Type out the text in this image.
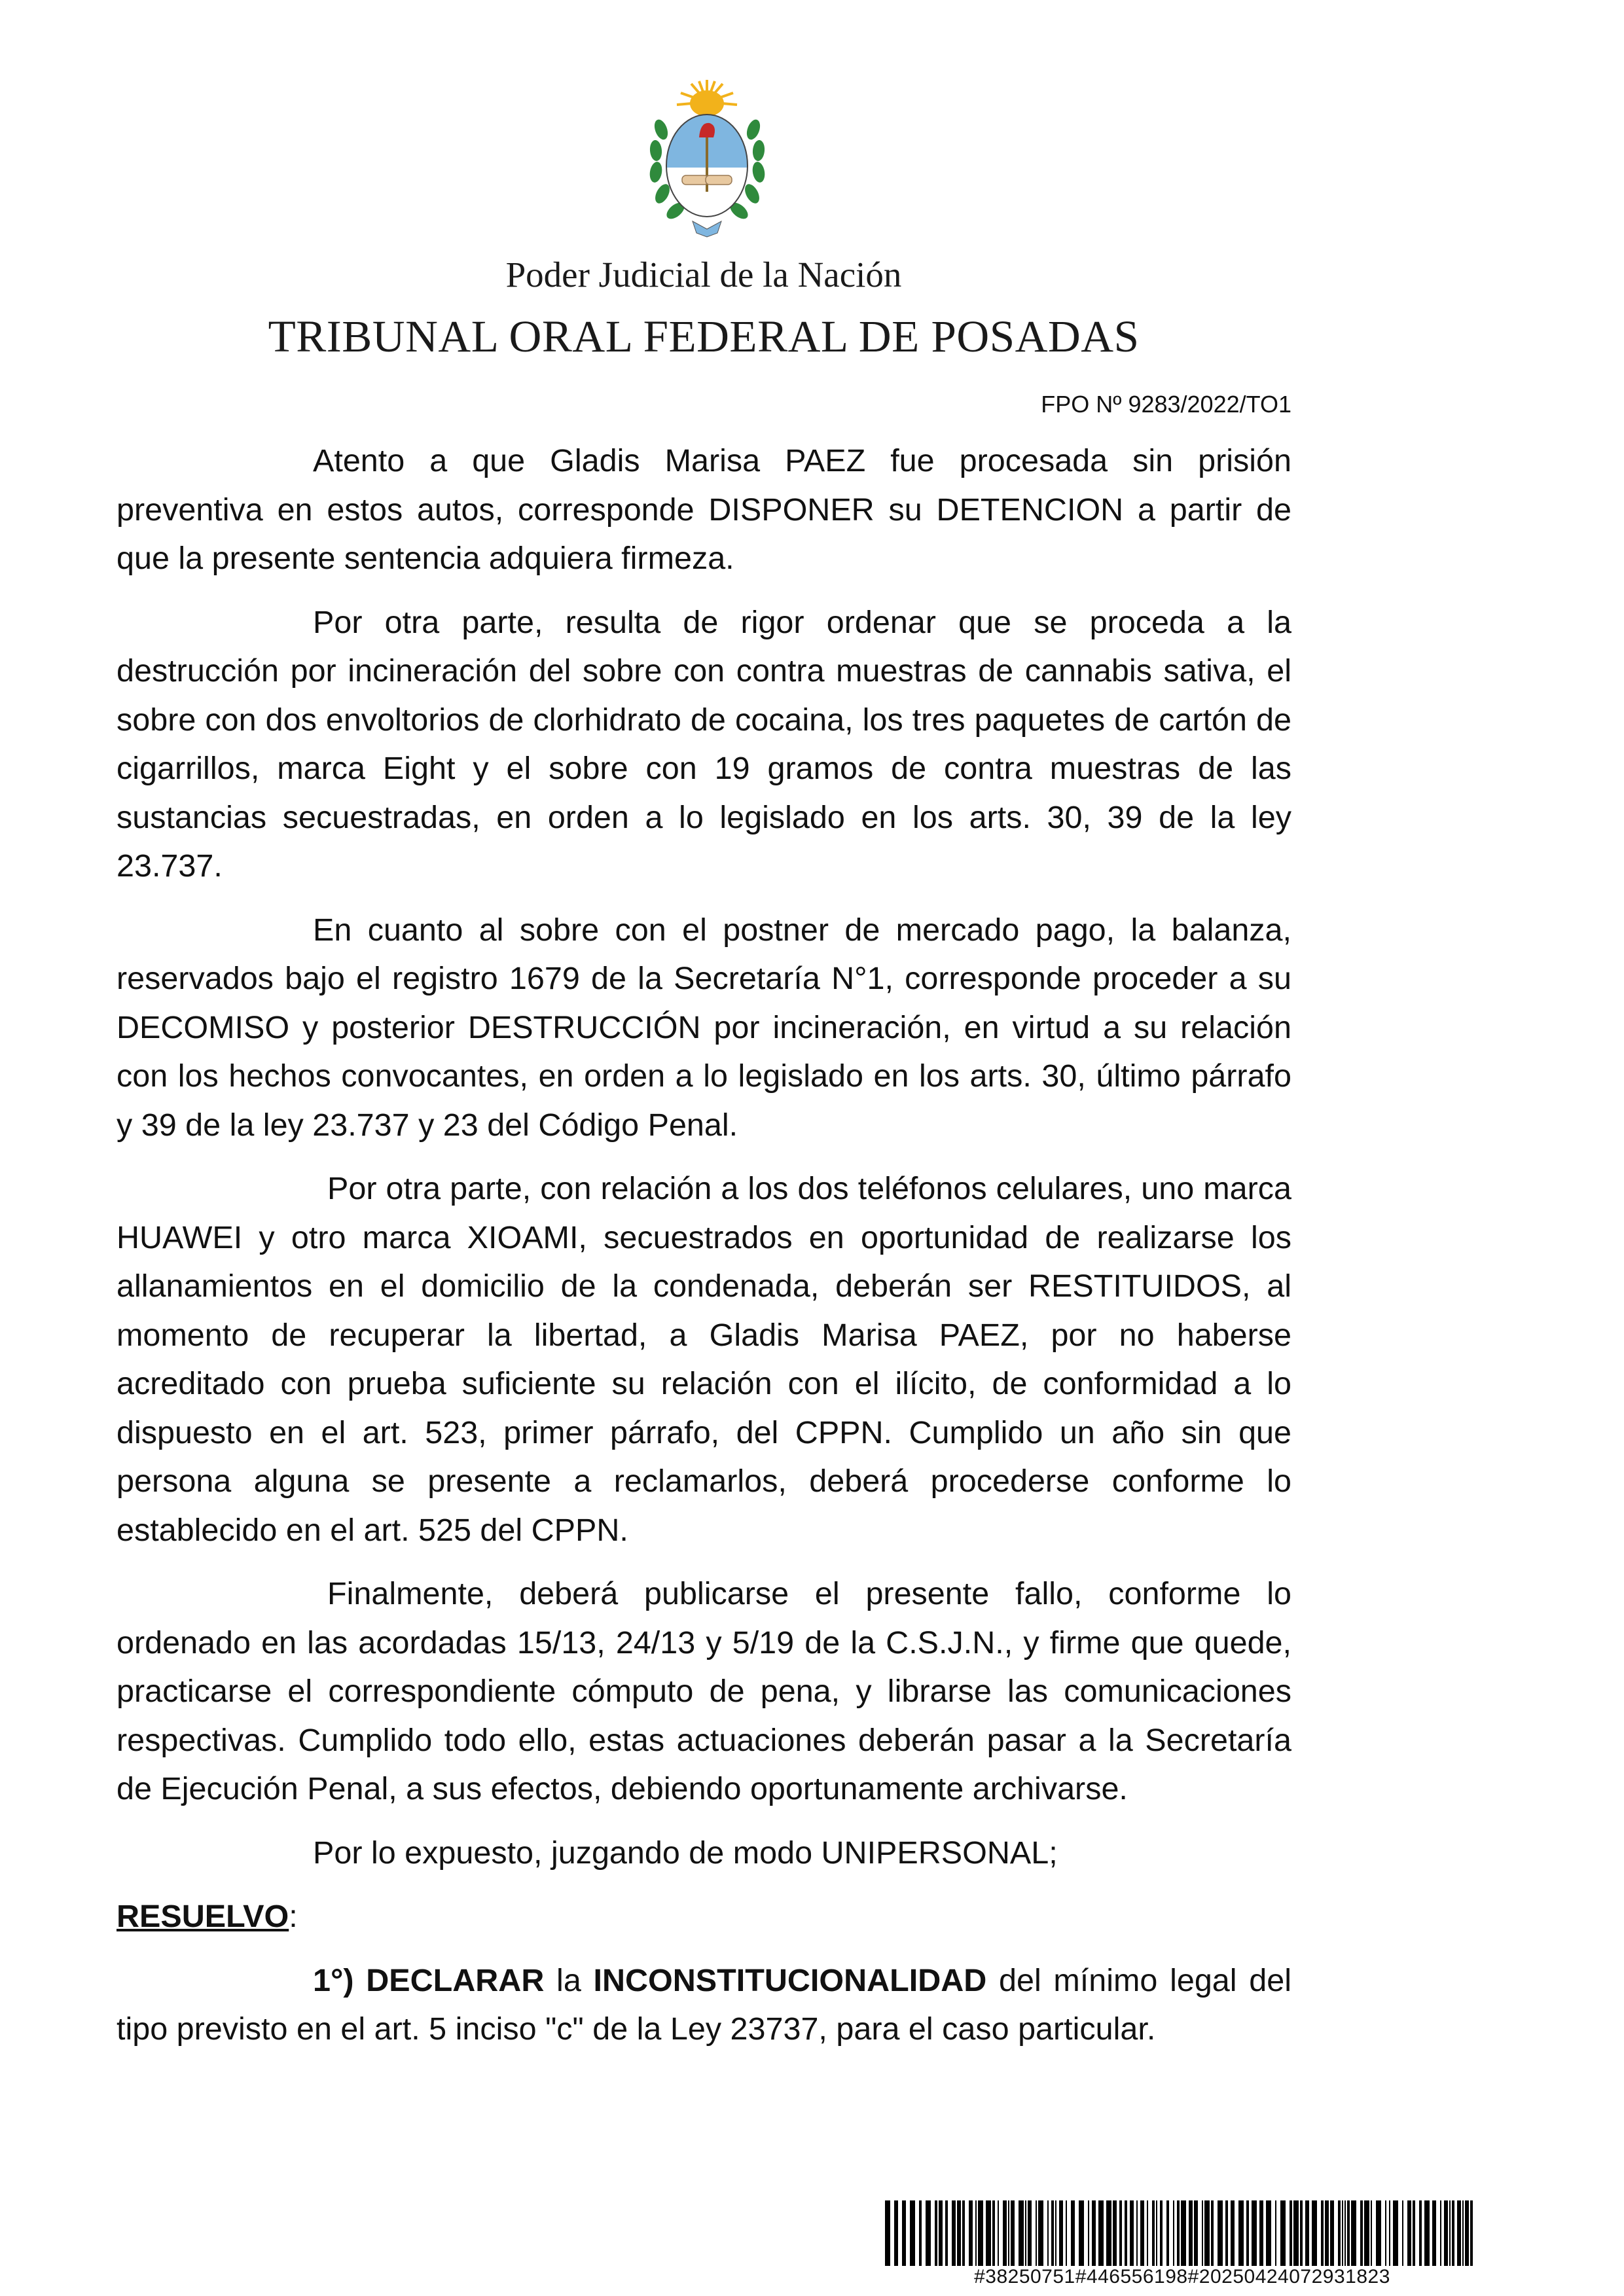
Poder Judicial de la Nación
TRIBUNAL ORAL FEDERAL DE POSADAS
FPO Nº 9283/2022/TO1

Atento a que Gladis Marisa PAEZ fue procesada sin prisión preventiva en estos autos, corresponde DISPONER su DETENCION a partir de que la presente sentencia adquiera firmeza.

Por otra parte, resulta de rigor ordenar que se proceda a la destrucción por incineración del sobre con contra muestras de cannabis sativa, el sobre con dos envoltorios de clorhidrato de cocaina, los tres paquetes de cartón de cigarrillos, marca Eight y el sobre con 19 gramos de contra muestras de las sustancias secuestradas, en orden a lo legislado en los arts. 30, 39 de la ley 23.737.

En cuanto al sobre con el postner de mercado pago, la balanza, reservados bajo el registro 1679 de la Secretaría N°1, corresponde proceder a su DECOMISO y posterior DESTRUCCIÓN por incineración, en virtud a su relación con los hechos convocantes, en orden a lo legislado en los arts. 30, último párrafo y 39 de la ley 23.737 y 23 del Código Penal.

Por otra parte, con relación a los dos teléfonos celulares, uno marca HUAWEI y otro marca XIOAMI, secuestrados en oportunidad de realizarse los allanamientos en el domicilio de la condenada, deberán ser RESTITUIDOS, al momento de recuperar la libertad, a Gladis Marisa PAEZ, por no haberse acreditado con prueba suficiente su relación con el ilícito, de conformidad a lo dispuesto en el art. 523, primer párrafo, del CPPN. Cumplido un año sin que persona alguna se presente a reclamarlos, deberá procederse conforme lo establecido en el art. 525 del CPPN.

Finalmente, deberá publicarse el presente fallo, conforme lo ordenado en las acordadas 15/13, 24/13 y 5/19 de la C.S.J.N., y firme que quede, practicarse el correspondiente cómputo de pena, y librarse las comunicaciones respectivas. Cumplido todo ello, estas actuaciones deberán pasar a la Secretaría de Ejecución Penal, a sus efectos, debiendo oportunamente archivarse.

Por lo expuesto, juzgando de modo UNIPERSONAL;

RESUELVO:

1°) DECLARAR la INCONSTITUCIONALIDAD del mínimo legal del tipo previsto en el art. 5 inciso "c" de la Ley 23737, para el caso particular.

#38250751#446556198#20250424072931823
